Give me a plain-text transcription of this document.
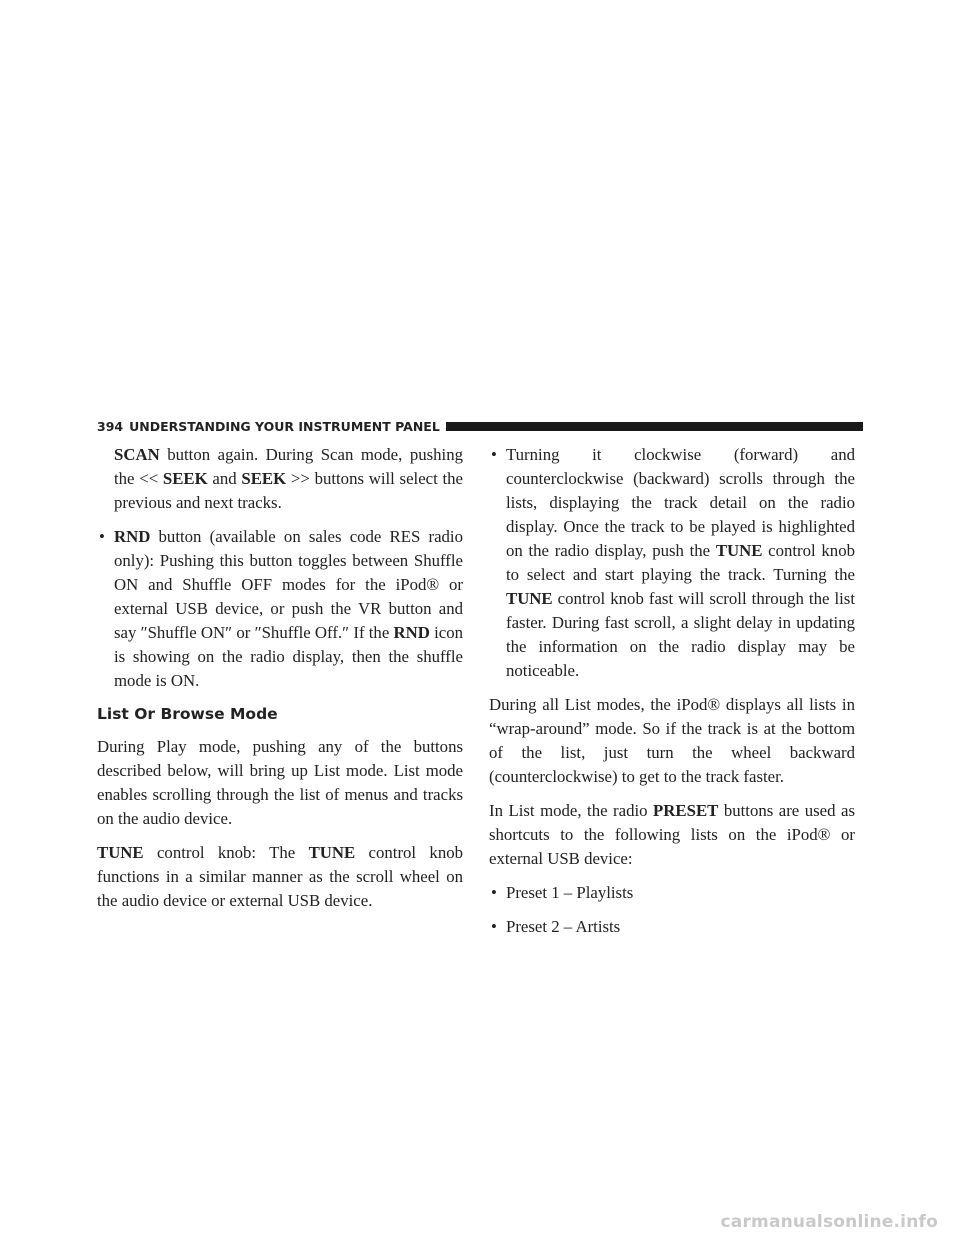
394 UNDERSTANDING YOUR INSTRUMENT PANEL

SCAN button again. During Scan mode, pushing the << SEEK and SEEK >> buttons will select the previous and next tracks.

• RND button (available on sales code RES radio only): Pushing this button toggles between Shuffle ON and Shuffle OFF modes for the iPod® or external USB device, or push the VR button and say ″Shuffle ON″ or ″Shuffle Off.″ If the RND icon is showing on the radio display, then the shuffle mode is ON.

List Or Browse Mode

During Play mode, pushing any of the buttons described below, will bring up List mode. List mode enables scrolling through the list of menus and tracks on the audio device.

TUNE control knob: The TUNE control knob functions in a similar manner as the scroll wheel on the audio device or external USB device.

• Turning it clockwise (forward) and counterclockwise (backward) scrolls through the lists, displaying the track detail on the radio display. Once the track to be played is highlighted on the radio display, push the TUNE control knob to select and start playing the track. Turning the TUNE control knob fast will scroll through the list faster. During fast scroll, a slight delay in updating the information on the radio display may be noticeable.

During all List modes, the iPod® displays all lists in “wrap-around” mode. So if the track is at the bottom of the list, just turn the wheel backward (counterclockwise) to get to the track faster.

In List mode, the radio PRESET buttons are used as shortcuts to the following lists on the iPod® or external USB device:

• Preset 1 – Playlists

• Preset 2 – Artists

carmanualsonline.info
